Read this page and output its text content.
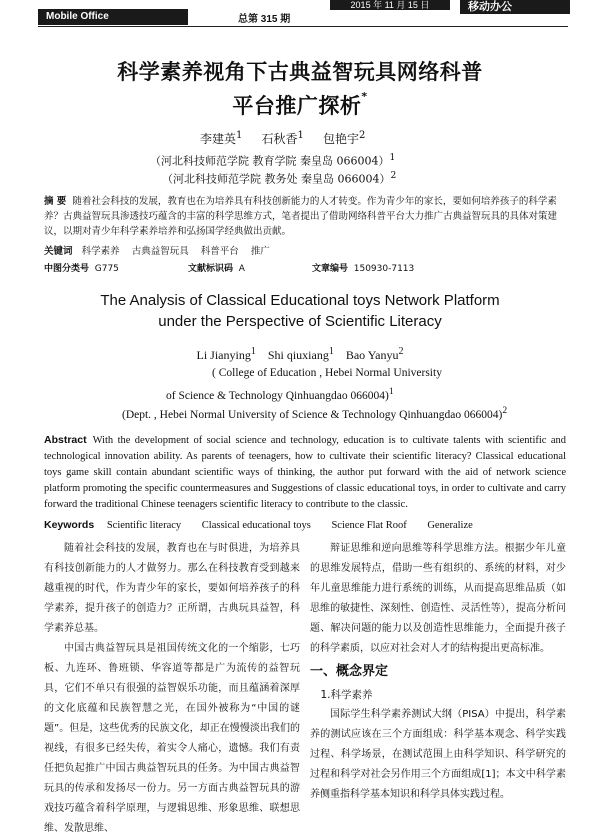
Mobile Office	总第 315 期
2015 年 11 月 15 日	移动办公
科学素养视角下古典益智玩具网络科普
平台推广探析*
李建英$^1$ 石秋香$^1$ 包艳宇$^2$
（河北科技师范学院 教育学院 秦皇岛 066004）$^1$
（河北科技师范学院 教务处 秦皇岛 066004）$^2$
摘 要 随着社会科技的发展，教育也在为培养具有科技创新能力的人才转变。作为青少年的家长，要如何培养孩子的科学素养？古典益智玩具渗透技巧蕴含的丰富的科学思维方式，笔者提出了借助网络科普平台大力推广古典益智玩具的具体对策建议，以期对青少年科学素养培养和弘扬国学经典做出贡献。
关键词 科学素养 古典益智玩具 科普平台 推广
中图分类号 G775	文献标识码 A	文章编号 150930-7113
The Analysis of Classical Educational toys Network Platform
under the Perspective of Scientific Literacy
Li Jianying$^1$ Shi qiuxiang$^1$ Bao Yanyu$^2$
( College of Education , Hebei Normal University
of Science & Technology Qinhuangdao 066004)$^1$
(Dept. , Hebei Normal University of Science & Technology Qinhuangdao 066004)$^2$
Abstract With the development of social science and technology, education is to cultivate talents with scientific and technological innovation ability. As parents of teenagers, how to cultivate their scientific literacy? Classical educational toys game skill contain abundant scientific ways of thinking, the author put forward with the aid of network science platform promoting the specific countermeasures and Suggestions of classic educational toys, in order to cultivate and carry forward the traditional Chinese teenagers scientific literacy to contribute to the classic.
Keywords Scientific literacy Classical educational toys Science Flat Roof Generalize

随着社会科技的发展，教育也在与时俱进，为培养具有科技创新能力的人才做努力。那么在科技教育受到越来越重视的时代，作为青少年的家长，要如何培养孩子的科学素养，提升孩子的创造力？正所谓，古典玩具益智，科学素养总基。

中国古典益智玩具是祖国传统文化的一个缩影，七巧板、九连环、鲁班锁、华容道等都是广为流传的益智玩具，它们不单只有很强的益智娱乐功能，而且蕴涵着深厚的文化底蕴和民族智慧之光，在国外被称为“中国的谜题”。但是，这些优秀的民族文化，却正在慢慢淡出我们的视线，有很多已经失传，着实令人痛心，遗憾。我们有责任把负起推广中国古典益智玩具的任务。为中国古典益智玩具的传承和发扬尽一份力。另一方面古典益智玩具的游戏技巧蕴含着科学原理，与逻辑思维、形象思维、联想思维、发散思维、

辩证思维和逆向思维等科学思维方法。根据少年儿童的思维发展特点，借助一些有组织的、系统的材料，对少年儿童思维能力进行系统的训练，从而提高思维品质（如思维的敏捷性、深刻性、创造性、灵活性等），提高分析问题、解决问题的能力以及创造性思维能力，全面提升孩子的科学素质，以应对社会对人才的结构提出更高标准。

一、概念界定
1.科学素养

国际学生科学素养测试大纲（PISA）中提出，科学素养的测试应该在三个方面组成：科学基本观念、科学实践过程、科学场景，在测试范围上由科学知识、科学研究的过程和科学对社会另作用三个方面组成[1]；本文中科学素养侧重指科学基本知识和科学具体实践过程。
